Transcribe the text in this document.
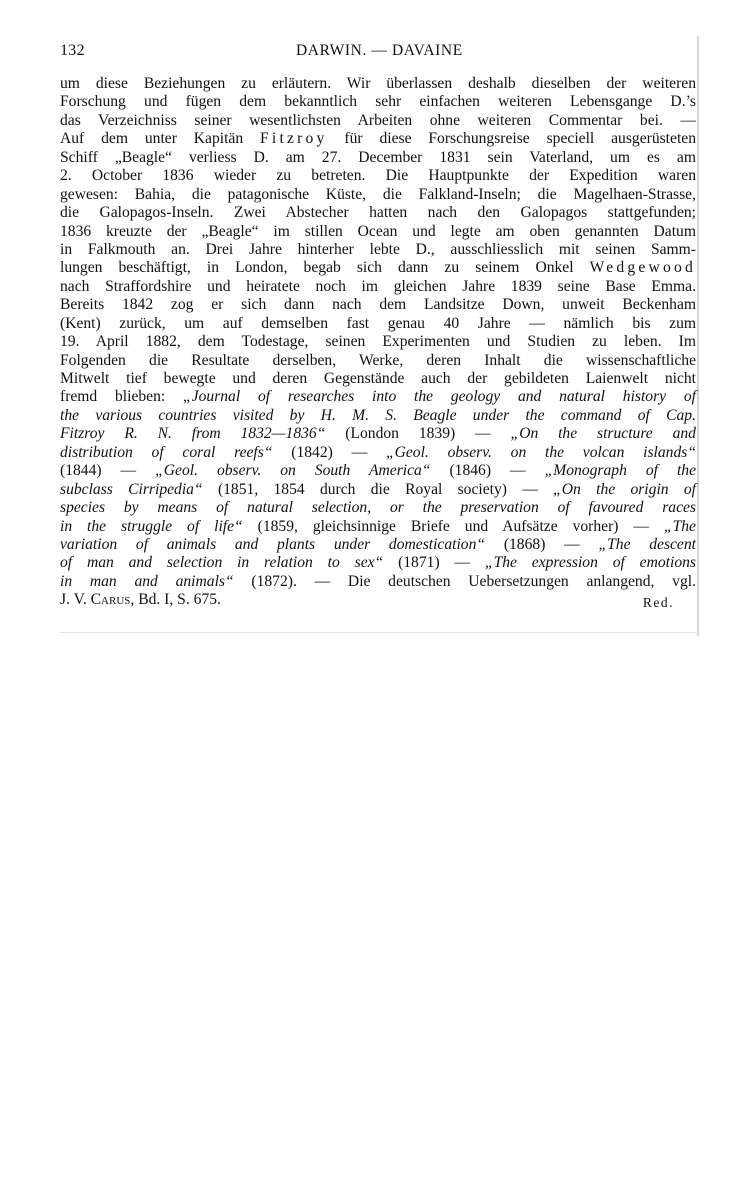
132	DARWIN. — DAVAINE
um diese Beziehungen zu erläutern. Wir überlassen deshalb dieselben der weiteren
Forschung und fügen dem bekanntlich sehr einfachen weiteren Lebensgange D.’s
das Verzeichniss seiner wesentlichsten Arbeiten ohne weiteren Commentar bei. —
Auf dem unter Kapitän Fitzroy für diese Forschungsreise speciell ausgerüsteten
Schiff „Beagle“ verliess D. am 27. December 1831 sein Vaterland, um es am
2. October 1836 wieder zu betreten. Die Hauptpunkte der Expedition waren
gewesen: Bahia, die patagonische Küste, die Falkland-Inseln; die Magelhaen-Strasse,
die Galopagos-Inseln. Zwei Abstecher hatten nach den Galopagos stattgefunden;
1836 kreuzte der „Beagle“ im stillen Ocean und legte am oben genannten Datum
in Falkmouth an. Drei Jahre hinterher lebte D., ausschliesslich mit seinen Samm-
lungen beschäftigt, in London, begab sich dann zu seinem Onkel Wedgewood
nach Straffordshire und heiratete noch im gleichen Jahre 1839 seine Base Emma.
Bereits 1842 zog er sich dann nach dem Landsitze Down, unweit Beckenham
(Kent) zurück, um auf demselben fast genau 40 Jahre — nämlich bis zum
19. April 1882, dem Todestage, seinen Experimenten und Studien zu leben. Im
Folgenden die Resultate derselben, Werke, deren Inhalt die wissenschaftliche
Mitwelt tief bewegte und deren Gegenstände auch der gebildeten Laienwelt nicht
fremd blieben: „Journal of researches into the geology and natural history of
the various countries visited by H. M. S. Beagle under the command of Cap.
Fitzroy R. N. from 1832—1836“ (London 1839) — „On the structure and
distribution of coral reefs“ (1842) — „Geol. observ. on the volcan islands“
(1844) — „Geol. observ. on South America“ (1846) — „Monograph of the
subclass Cirripedia“ (1851, 1854 durch die Royal society) — „On the origin of
species by means of natural selection, or the preservation of favoured races
in the struggle of life“ (1859, gleichsinnige Briefe und Aufsätze vorher) — „The
variation of animals and plants under domestication“ (1868) — „The descent
of man and selection in relation to sex“ (1871) — „The expression of emotions
in man and animals“ (1872). — Die deutschen Uebersetzungen anlangend, vgl.
J. V. Carus, Bd. I, S. 675.	Red.
